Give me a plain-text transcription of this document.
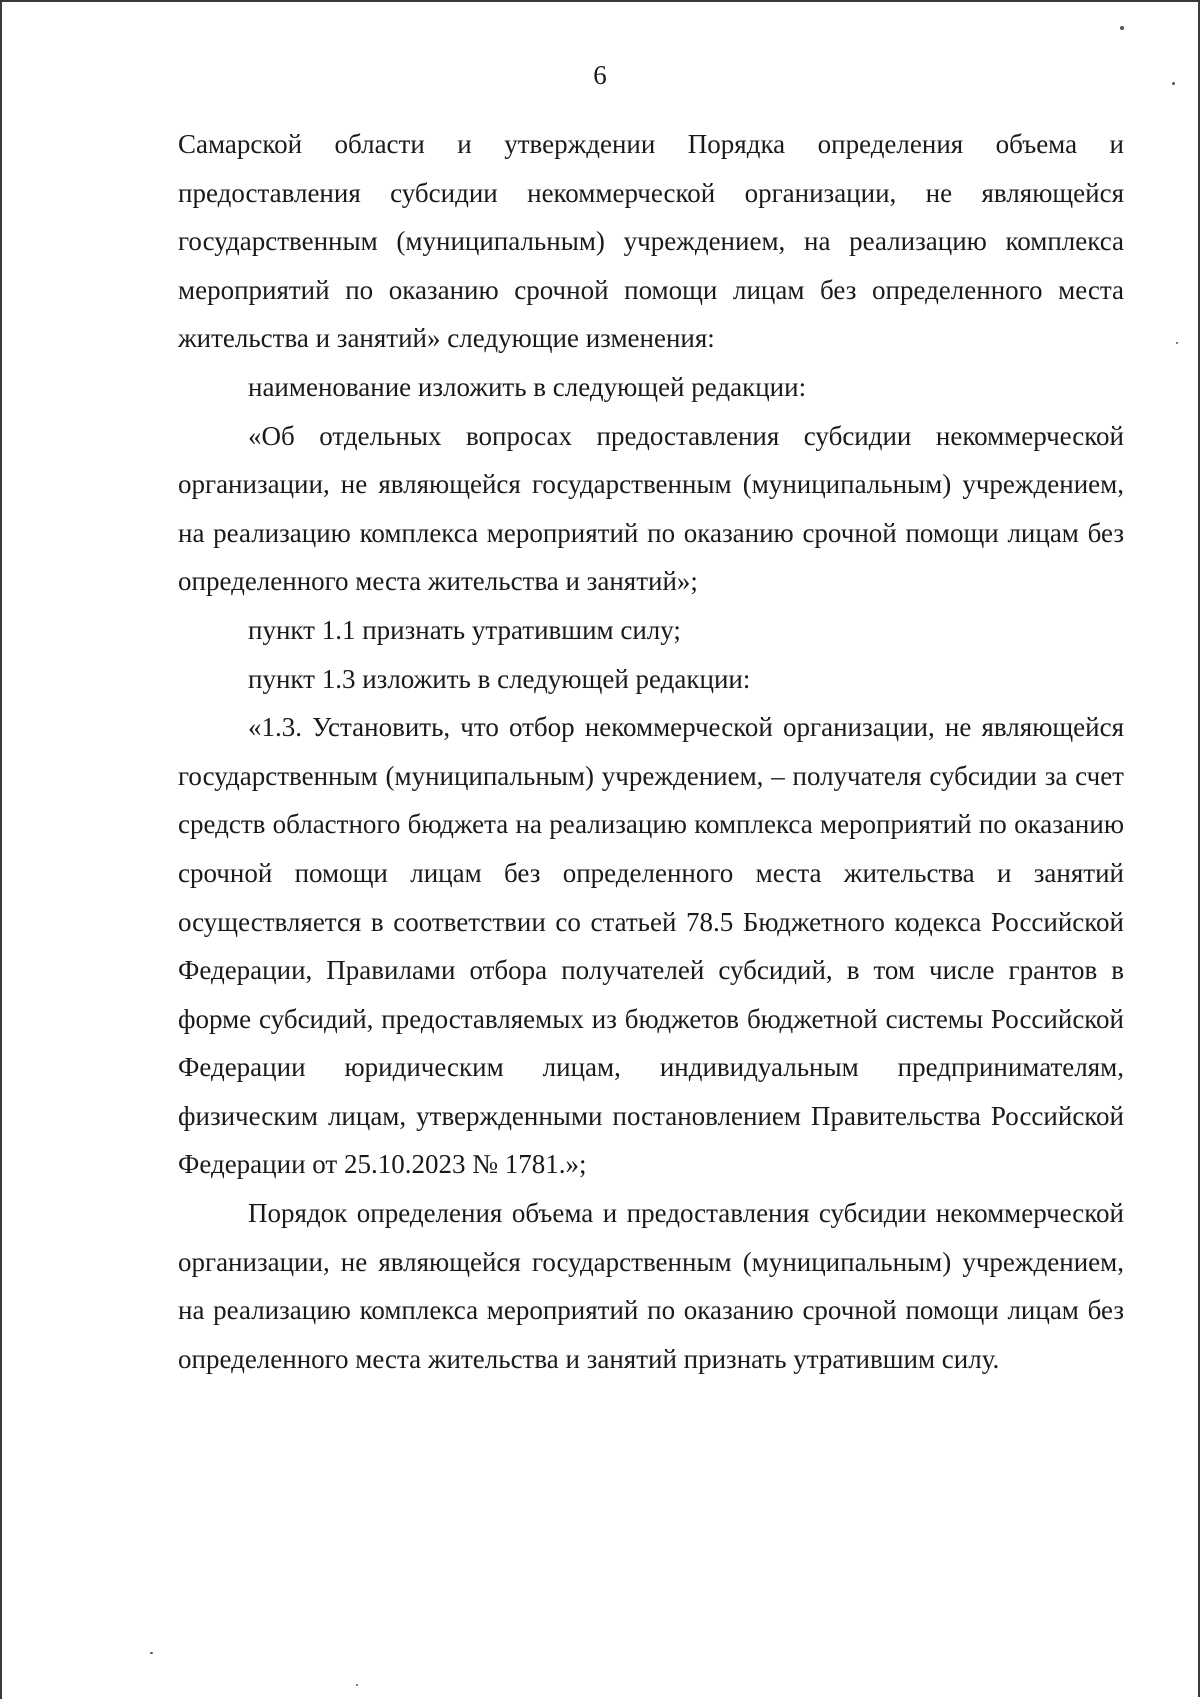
6

Самарской области и утверждении Порядка определения объема и предоставления субсидии некоммерческой организации, не являющейся государственным (муниципальным) учреждением, на реализацию комплекса мероприятий по оказанию срочной помощи лицам без определенного места жительства и занятий» следующие изменения:

наименование изложить в следующей редакции:

«Об отдельных вопросах предоставления субсидии некоммерческой организации, не являющейся государственным (муниципальным) учреждением, на реализацию комплекса мероприятий по оказанию срочной помощи лицам без определенного места жительства и занятий»;

пункт 1.1 признать утратившим силу;

пункт 1.3 изложить в следующей редакции:

«1.3. Установить, что отбор некоммерческой организации, не являющейся государственным (муниципальным) учреждением, – получателя субсидии за счет средств областного бюджета на реализацию комплекса мероприятий по оказанию срочной помощи лицам без определенного места жительства и занятий осуществляется в соответствии со статьей 78.5 Бюджетного кодекса Российской Федерации, Правилами отбора получателей субсидий, в том числе грантов в форме субсидий, предоставляемых из бюджетов бюджетной системы Российской Федерации юридическим лицам, индивидуальным предпринимателям, физическим лицам, утвержденными постановлением Правительства Российской Федерации от 25.10.2023 № 1781.»;

Порядок определения объема и предоставления субсидии некоммерческой организации, не являющейся государственным (муниципальным) учреждением, на реализацию комплекса мероприятий по оказанию срочной помощи лицам без определенного места жительства и занятий признать утратившим силу.
